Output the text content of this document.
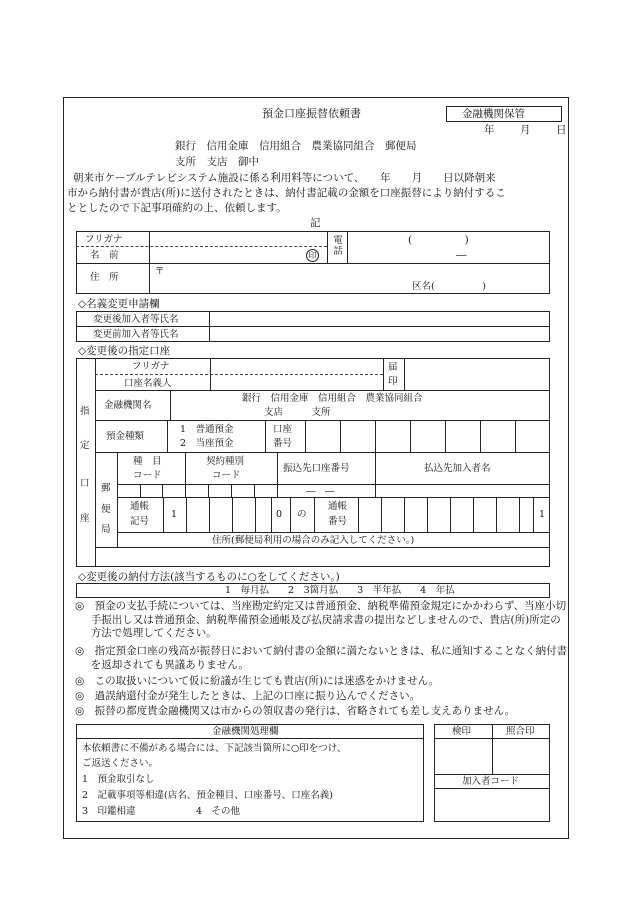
預金口座振替依頼書	金融機関保管
年 月 日
銀行　信用金庫　信用組合　農業協同組合　郵便局
支所　支店　御中
朝来市ケーブルテレビシステム施設に係る利用料等について、　　年　　月　　日以降朝来
市から納付書が貴店(所)に送付されたときは、納付書記載の金額を口座振替により納付するこ
ととしたので下記事項確約の上、依頼します。
記
フリガナ
名　前	印
電話
(　　　　　)
―
住　所
〒
区名(　　　　　)
◇名義変更申請欄
変更後加入者等氏名
変更前加入者等氏名
◇変更後の指定口座
指
定
口
座
フリガナ
口座名義人
届
印
金融機関名
銀行　信用金庫　信用組合　農業協同組合
支店　　　支所
預金種類
1　普通預金
2　当座預金
口座
番号
郵
便
局
種　目
コード
契約種別
コード
振込先口座番号	払込先加入者名
―　―
通帳
記号
1	0 の
通帳
番号
1
住所(郵便局利用の場合のみ記入してください。)
◇変更後の納付方法(該当するものに○をしてください。)
1　毎月払　　2　3箇月払　　3　半年払　　4　年払
◎　預金の支払手続については、当座勘定約定又は普通預金、納税準備預金規定にかかわらず、当座小切手振出し又は普通預金、納税準備預金通帳及び払戻請求書の提出などしませんので、貴店(所)所定の方法で処理してください。
◎　指定預金口座の残高が振替日において納付書の金額に満たないときは、私に通知することなく納付書を返却されても異議ありません。
◎　この取扱いについて仮に紛議が生じても貴店(所)には迷惑をかけません。
◎　過誤納還付金が発生したときは、上記の口座に振り込んでください。
◎　振替の都度貴金融機関又は市からの領収書の発行は、省略されても差し支えありません。
金融機関処理欄
本依頼書に不備がある場合には、下記該当箇所に○印をつけ、
ご返送ください。
1　預金取引なし
2　記載事項等相違(店名、預金種目、口座番号、口座名義)
3　印鑑相違	4　その他
検印	照合印
加入者コード
